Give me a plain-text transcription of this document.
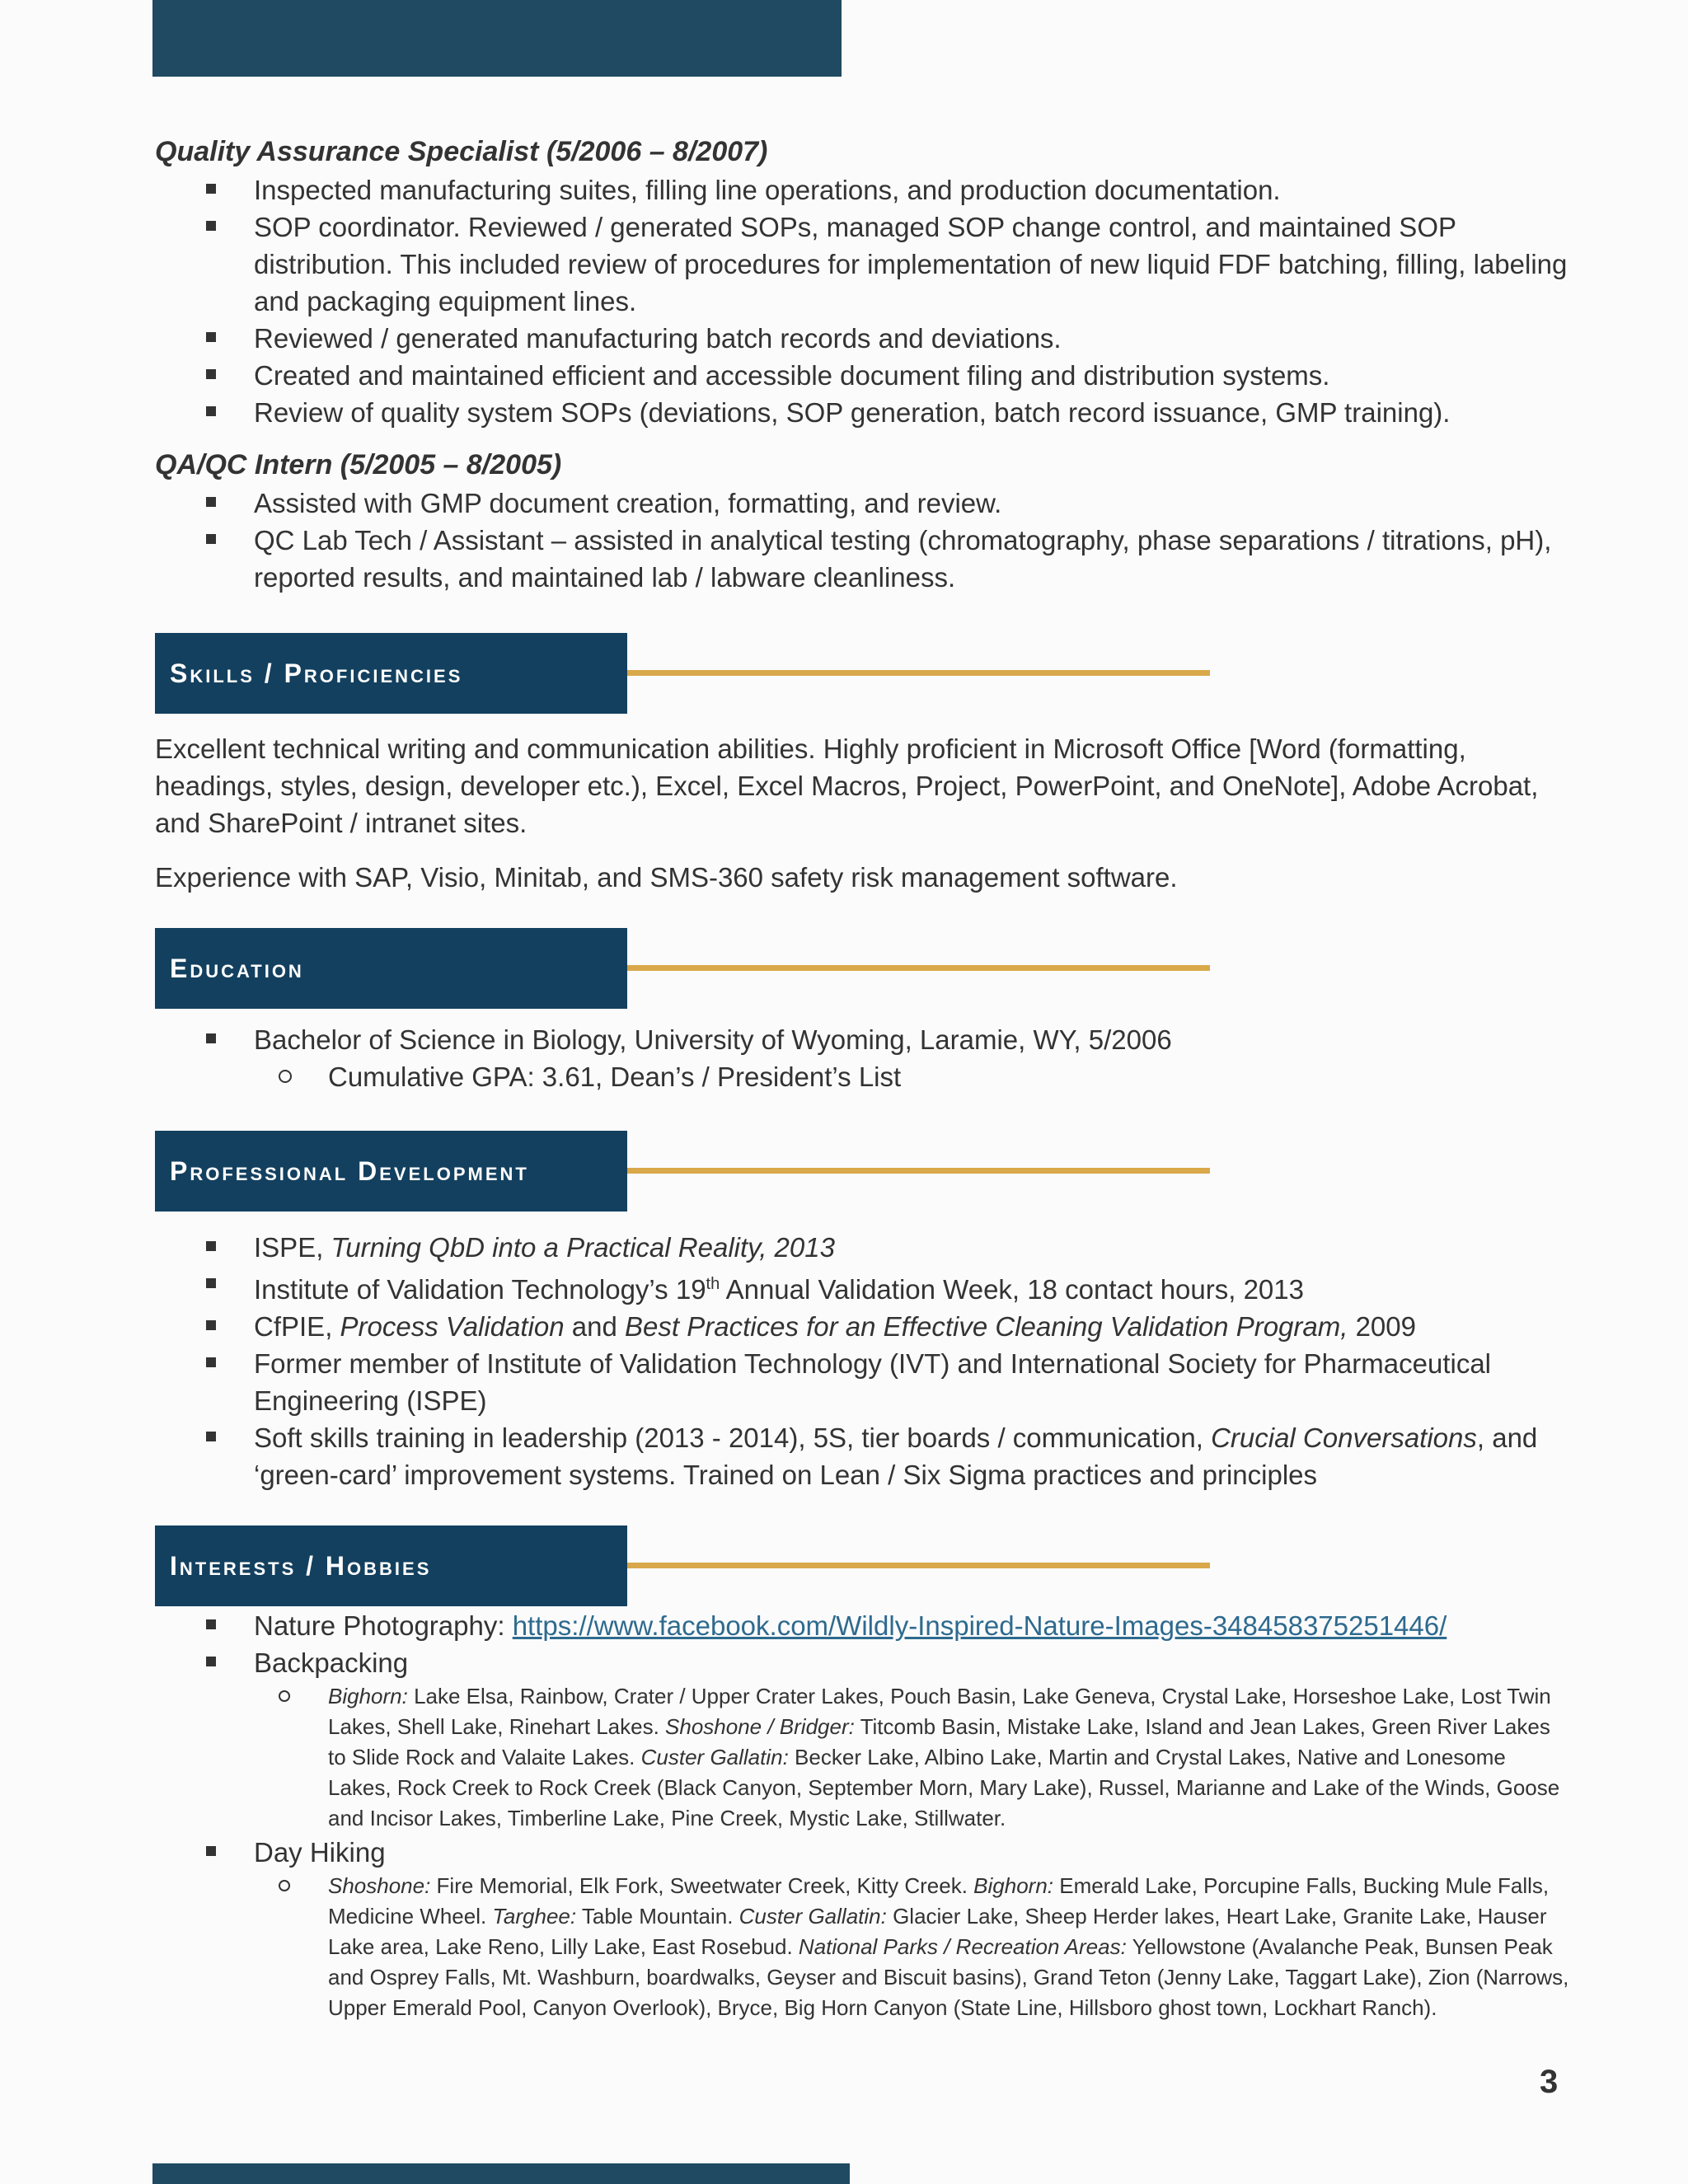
Quality Assurance Specialist (5/2006 – 8/2007)
Inspected manufacturing suites, filling line operations, and production documentation.
SOP coordinator. Reviewed / generated SOPs, managed SOP change control, and maintained SOP distribution. This included review of procedures for implementation of new liquid FDF batching, filling, labeling and packaging equipment lines.
Reviewed / generated manufacturing batch records and deviations.
Created and maintained efficient and accessible document filing and distribution systems.
Review of quality system SOPs (deviations, SOP generation, batch record issuance, GMP training).
QA/QC Intern (5/2005 – 8/2005)
Assisted with GMP document creation, formatting, and review.
QC Lab Tech / Assistant – assisted in analytical testing (chromatography, phase separations / titrations, pH), reported results, and maintained lab / labware cleanliness.
Skills / Proficiencies
Excellent technical writing and communication abilities. Highly proficient in Microsoft Office [Word (formatting, headings, styles, design, developer etc.), Excel, Excel Macros, Project, PowerPoint, and OneNote], Adobe Acrobat, and SharePoint / intranet sites.
Experience with SAP, Visio, Minitab, and SMS-360 safety risk management software.
Education
Bachelor of Science in Biology, University of Wyoming, Laramie, WY, 5/2006
Cumulative GPA: 3.61, Dean’s / President’s List
Professional Development
ISPE, Turning QbD into a Practical Reality, 2013
Institute of Validation Technology’s 19th Annual Validation Week, 18 contact hours, 2013
CfPIE, Process Validation and Best Practices for an Effective Cleaning Validation Program, 2009
Former member of Institute of Validation Technology (IVT) and International Society for Pharmaceutical Engineering (ISPE)
Soft skills training in leadership (2013 - 2014), 5S, tier boards / communication, Crucial Conversations, and ‘green-card’ improvement systems. Trained on Lean / Six Sigma practices and principles
Interests / Hobbies
Nature Photography: https://www.facebook.com/Wildly-Inspired-Nature-Images-348458375251446/
Backpacking
Bighorn: Lake Elsa, Rainbow, Crater / Upper Crater Lakes, Pouch Basin, Lake Geneva, Crystal Lake, Horseshoe Lake, Lost Twin Lakes, Shell Lake, Rinehart Lakes. Shoshone / Bridger: Titcomb Basin, Mistake Lake, Island and Jean Lakes, Green River Lakes to Slide Rock and Valaite Lakes. Custer Gallatin: Becker Lake, Albino Lake, Martin and Crystal Lakes, Native and Lonesome Lakes, Rock Creek to Rock Creek (Black Canyon, September Morn, Mary Lake), Russel, Marianne and Lake of the Winds, Goose and Incisor Lakes, Timberline Lake, Pine Creek, Mystic Lake, Stillwater.
Day Hiking
Shoshone: Fire Memorial, Elk Fork, Sweetwater Creek, Kitty Creek. Bighorn: Emerald Lake, Porcupine Falls, Bucking Mule Falls, Medicine Wheel. Targhee: Table Mountain. Custer Gallatin: Glacier Lake, Sheep Herder lakes, Heart Lake, Granite Lake, Hauser Lake area, Lake Reno, Lilly Lake, East Rosebud. National Parks / Recreation Areas: Yellowstone (Avalanche Peak, Bunsen Peak and Osprey Falls, Mt. Washburn, boardwalks, Geyser and Biscuit basins), Grand Teton (Jenny Lake, Taggart Lake), Zion (Narrows, Upper Emerald Pool, Canyon Overlook), Bryce, Big Horn Canyon (State Line, Hillsboro ghost town, Lockhart Ranch).
3
